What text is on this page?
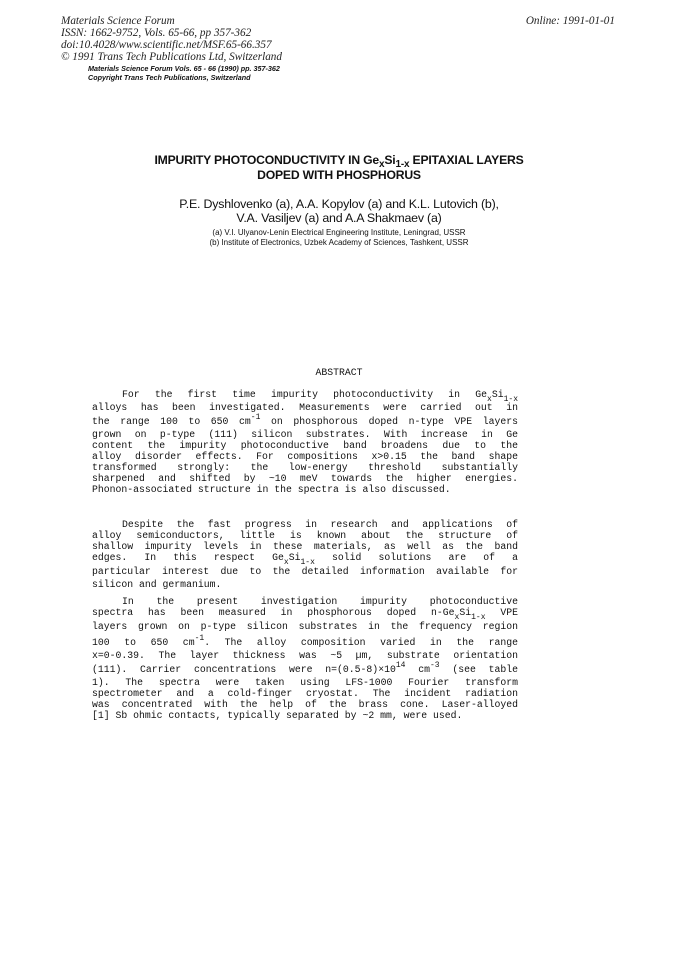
Materials Science Forum
ISSN: 1662-9752, Vols. 65-66, pp 357-362
doi:10.4028/www.scientific.net/MSF.65-66.357
© 1991 Trans Tech Publications Ltd, Switzerland
Online: 1991-01-01
Materials Science Forum Vols. 65 - 66 (1990) pp. 357-362
Copyright Trans Tech Publications, Switzerland
IMPURITY PHOTOCONDUCTIVITY IN $Ge_xSi_{1-x}$ EPITAXIAL LAYERS
DOPED WITH PHOSPHORUS
P.E. Dyshlovenko (a), A.A. Kopylov (a) and K.L. Lutovich (b),
V.A. Vasiljev (a) and A.A Shakmaev (a)
(a) V.I. Ulyanov-Lenin Electrical Engineering Institute, Leningrad, USSR
(b) Institute of Electronics, Uzbek Academy of Sciences, Tashkent, USSR
ABSTRACT
For the first time impurity photoconductivity in $Ge_xSi_{1-x}$
alloys has been investigated. Measurements were carried out in
the range 100 to 650 $cm^{-1}$ on phosphorous doped n-type VPE layers
grown on p-type (111) silicon substrates. With increase in Ge
content the impurity photoconductive band broadens due to the
alloy disorder effects. For compositions x>0.15 the band shape
transformed strongly: the low-energy threshold substantially
sharpened and shifted by ~10 meV towards the higher energies.
Phonon-associated structure in the spectra is also discussed.
Despite the fast progress in research and applications of
alloy semiconductors, little is known about the structure of
shallow impurity levels in these materials, as well as the band
edges. In this respect $Ge_xSi_{1-x}$ solid solutions are of a
particular interest due to the detailed information available for
silicon and germanium.
In the present investigation impurity photoconductive
spectra has been measured in phosphorous doped $n-Ge_xSi_{1-x}$ VPE
layers grown on p-type silicon substrates in the frequency region
100 to 650 $cm^{-1}$. The alloy composition varied in the range
x=0-0.39. The layer thickness was ~5 µm, substrate orientation
(111). Carrier concentrations were $n=(0.5-8)\times 10^{14}$ $cm^{-3}$ (see table
1). The spectra were taken using LFS-1000 Fourier transform
spectrometer and a cold-finger cryostat. The incident radiation
was concentrated with the help of the brass cone. Laser-alloyed
[1] Sb ohmic contacts, typically separated by ~2 mm, were used.
